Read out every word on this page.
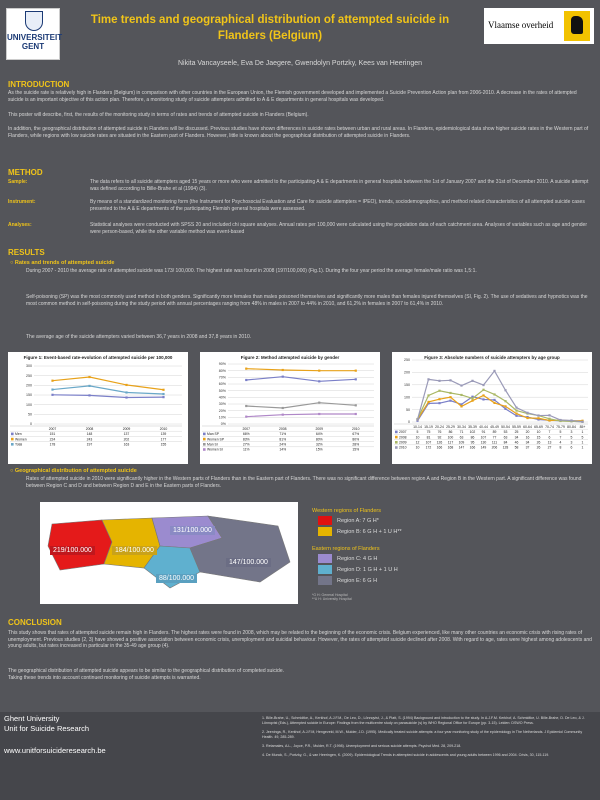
UNIVERSITEIT GENT
Time trends and geographical distribution of attempted suicide in Flanders (Belgium)
Vlaamse overheid
Nikita Vancayseele, Eva De Jaegere, Gwendolyn Portzky, Kees van Heeringen
INTRODUCTION
As the suicide rate is relatively high in Flanders (Belgium) in comparison with other countries in the European Union, the Flemish government developed and implemented a Suicide Prevention Action plan from 2006-2010. A decrease in the rates of attempted suicide is an important objective of this action plan. Therefore, a monitoring study of suicide attempters admitted to A & E departments in general hospitals was developed.
This poster will describe, first, the results of the monitoring study in terms of rates and trends of attempted suicide in Flanders (Belgium).
In addition, the geographical distribution of attempted suicide in Flanders will be discussed. Previous studies have shown differences in suicide rates between urban and rural areas. In Flanders, epidemiological data show higher suicide rates in the Western part of Flanders, while regions with low suicide rates are situated in the Eastern part of Flanders. However, little is known about the geographical distribution of attempted suicide in Flanders.
METHOD
Sample:	The data refers to all suicide attempters aged 15 years or more who were admitted to the participating A & E departments in general hospitals between the 1st of January 2007 and the 31st of December 2010. A suicide attempt was defined according to Bille-Brahe et al (1994) (3).
Instrument:	By means of a standardized monitoring form (the Instrument for Psychosocial Evaluation and Care for suicide attempters = IPEO), trends, sociodemographics, and method related characteristics of all attempted suicide cases presented to the A & E departments of the participating Flemish general hospitals were assessed.
Analyses:	Statistical analyses were conducted with SPSS 20 and included chi square analyses. Annual rates per 100,000 were calculated using the population data of each catchment area. Analyses of variables such as age and gender were person-based, while the other variable method was event-based
RESULTS
○ Rates and trends of attempted suicide
During 2007 - 2010 the average rate of attempted suicide was 173/ 100,000. The highest rate was found in 2008 (197/100,000) (Fig.1). During the four year period the average female/male ratio was 1,5:1.
Self-poisoning (SP) was the most commonly used method in both genders. Significantly more females than males poisoned themselves and significantly more males than females injured themselves (SI, Fig. 2). The use of sedatives and hypnotics was the most common method in self-poisoning during the study period with annual percentages ranging from 48% in males in 2007 to 44% in 2010, and 61,2% in females in 2007 to 61,4% in 2010.
The average age of the suicide attempters varied between 36,7 years in 2008 and 37,8 years in 2010.
Figure 1: Event-based rate-evolution of attempted suicide per 100,000
0
50
100
150
200
250
300
2007	2008	2009	2010
Men	151	148	137	139
Women	224	243	202	177
Total	178	197	163	155
Figure 2: Method attempted suicide by gender
0%
10%
20%
30%
40%
50%
60%
70%
80%
90%
2007	2008	2009	2010
Man SP	66%	71%	64%	67%
Women SP	83%	81%	80%	80%
Man SI	27%	24%	32%	28%
Women SI	11%	14%	15%	15%
Figure 3: Absolute numbers of suicide attempters by age group
0
50
100
150
200
250
10-14 15-19 20-24 25-29 30-34 35-39 40-44 45-49 50-54 55-59 60-64 65-69 70-74 75-79 80-84 85+
2007	5 75 76 86 71 102 91 89 53 25 20 10 7	5	3	1
2008	10 81 92 100 63 86 107 77 63 34 16 15 6	7	5	5
2009	12 107 126 117 109 95 130 111 84 46 34 26 13 4	3	1
2010	10 172 166 168 147 166 149 206 128 58 37 26 27 8	6	1
○ Geographical distribution of attempted suicide
Rates of attempted suicide in 2010 were significantly higher in the Western parts of Flanders than in the Eastern part of Flanders. There was no significant difference between region A and Region B in the Western part. A significant difference was found between Region C and D and between Region D and E in the Eastern parts of Flanders.
219/100.000	184/100.000
131/100.000
147/100.000
88/100.000
Western regions of Flanders
Region A: 7 G H*
Region B: 6 G H + 1 U H**
Eastern regions of Flanders
Region C: 4 G H
Region D: 1 G H + 1 U H
Region E: 6 G H
*G H: General Hospital
**U H: University Hospital
CONCLUSION
This study shows that rates of attempted suicide remain high in Flanders. The highest rates were found in 2008, which may be related to the beginning of the economic crisis. Belgium experienced, like many other countries an economic crisis with rising rates of unemployment. Previous studies (2, 3) have showed a positive association between economic crisis, unemployment and suicidal behaviour. However, the rates of attempted suicide declined after 2008. With regard to age, rates were highest among adolescents and young adults, but rates increased in particular in the 35-49 age group (4).
The geographical distribution of attempted suicide appears to be similar to the geographical distribution of completed suicide.
Taking these trends into account continued monitoring of suicide attempts is warranted.
Ghent University
Unit for Suicide Research
www.unitforsuicideresearch.be

1. Bille-Brahe, U., Schmidtke, A., Kerkhof, A.J.F.M., De Leo, D., Lönnqvist, J., & Platt, S. (1994) Background and introduction to the study. In A.J.F.M. Kerkhof, A. Schmidtke, U. Bille-Brahe, D. De Leo, & J. Lönnqvist (Eds.), Attempted suicide in Europe: Findings from the multicentre study on parasuicide (s) by WHO Regional Office for Europe (pp. 3-15). Leiden: DSWO Press.

2. Jeeninga, R., Kerkhof, A.J.F.M, Hengeveld, M.W., Mulder, J.D. (1995). Medically treated suicide attempts: a four year monitoring study of the epidemiology in The Netherlands. J Epidemiol Community Health. 49, 285-289.

3. Retamales, A.L., Joyce, P.R., Mulder, R.T. (1998). Unemployment and serious suicide attempts. Psychol Med. 28, 209-218.

4. De Munck, S., Portzky, G., & van Heeringen, K. (2009). Epidemiological Trends in attempted suicide in adolescents and young adults between 1996 and 2004. Crisis, 30, 115-119.
